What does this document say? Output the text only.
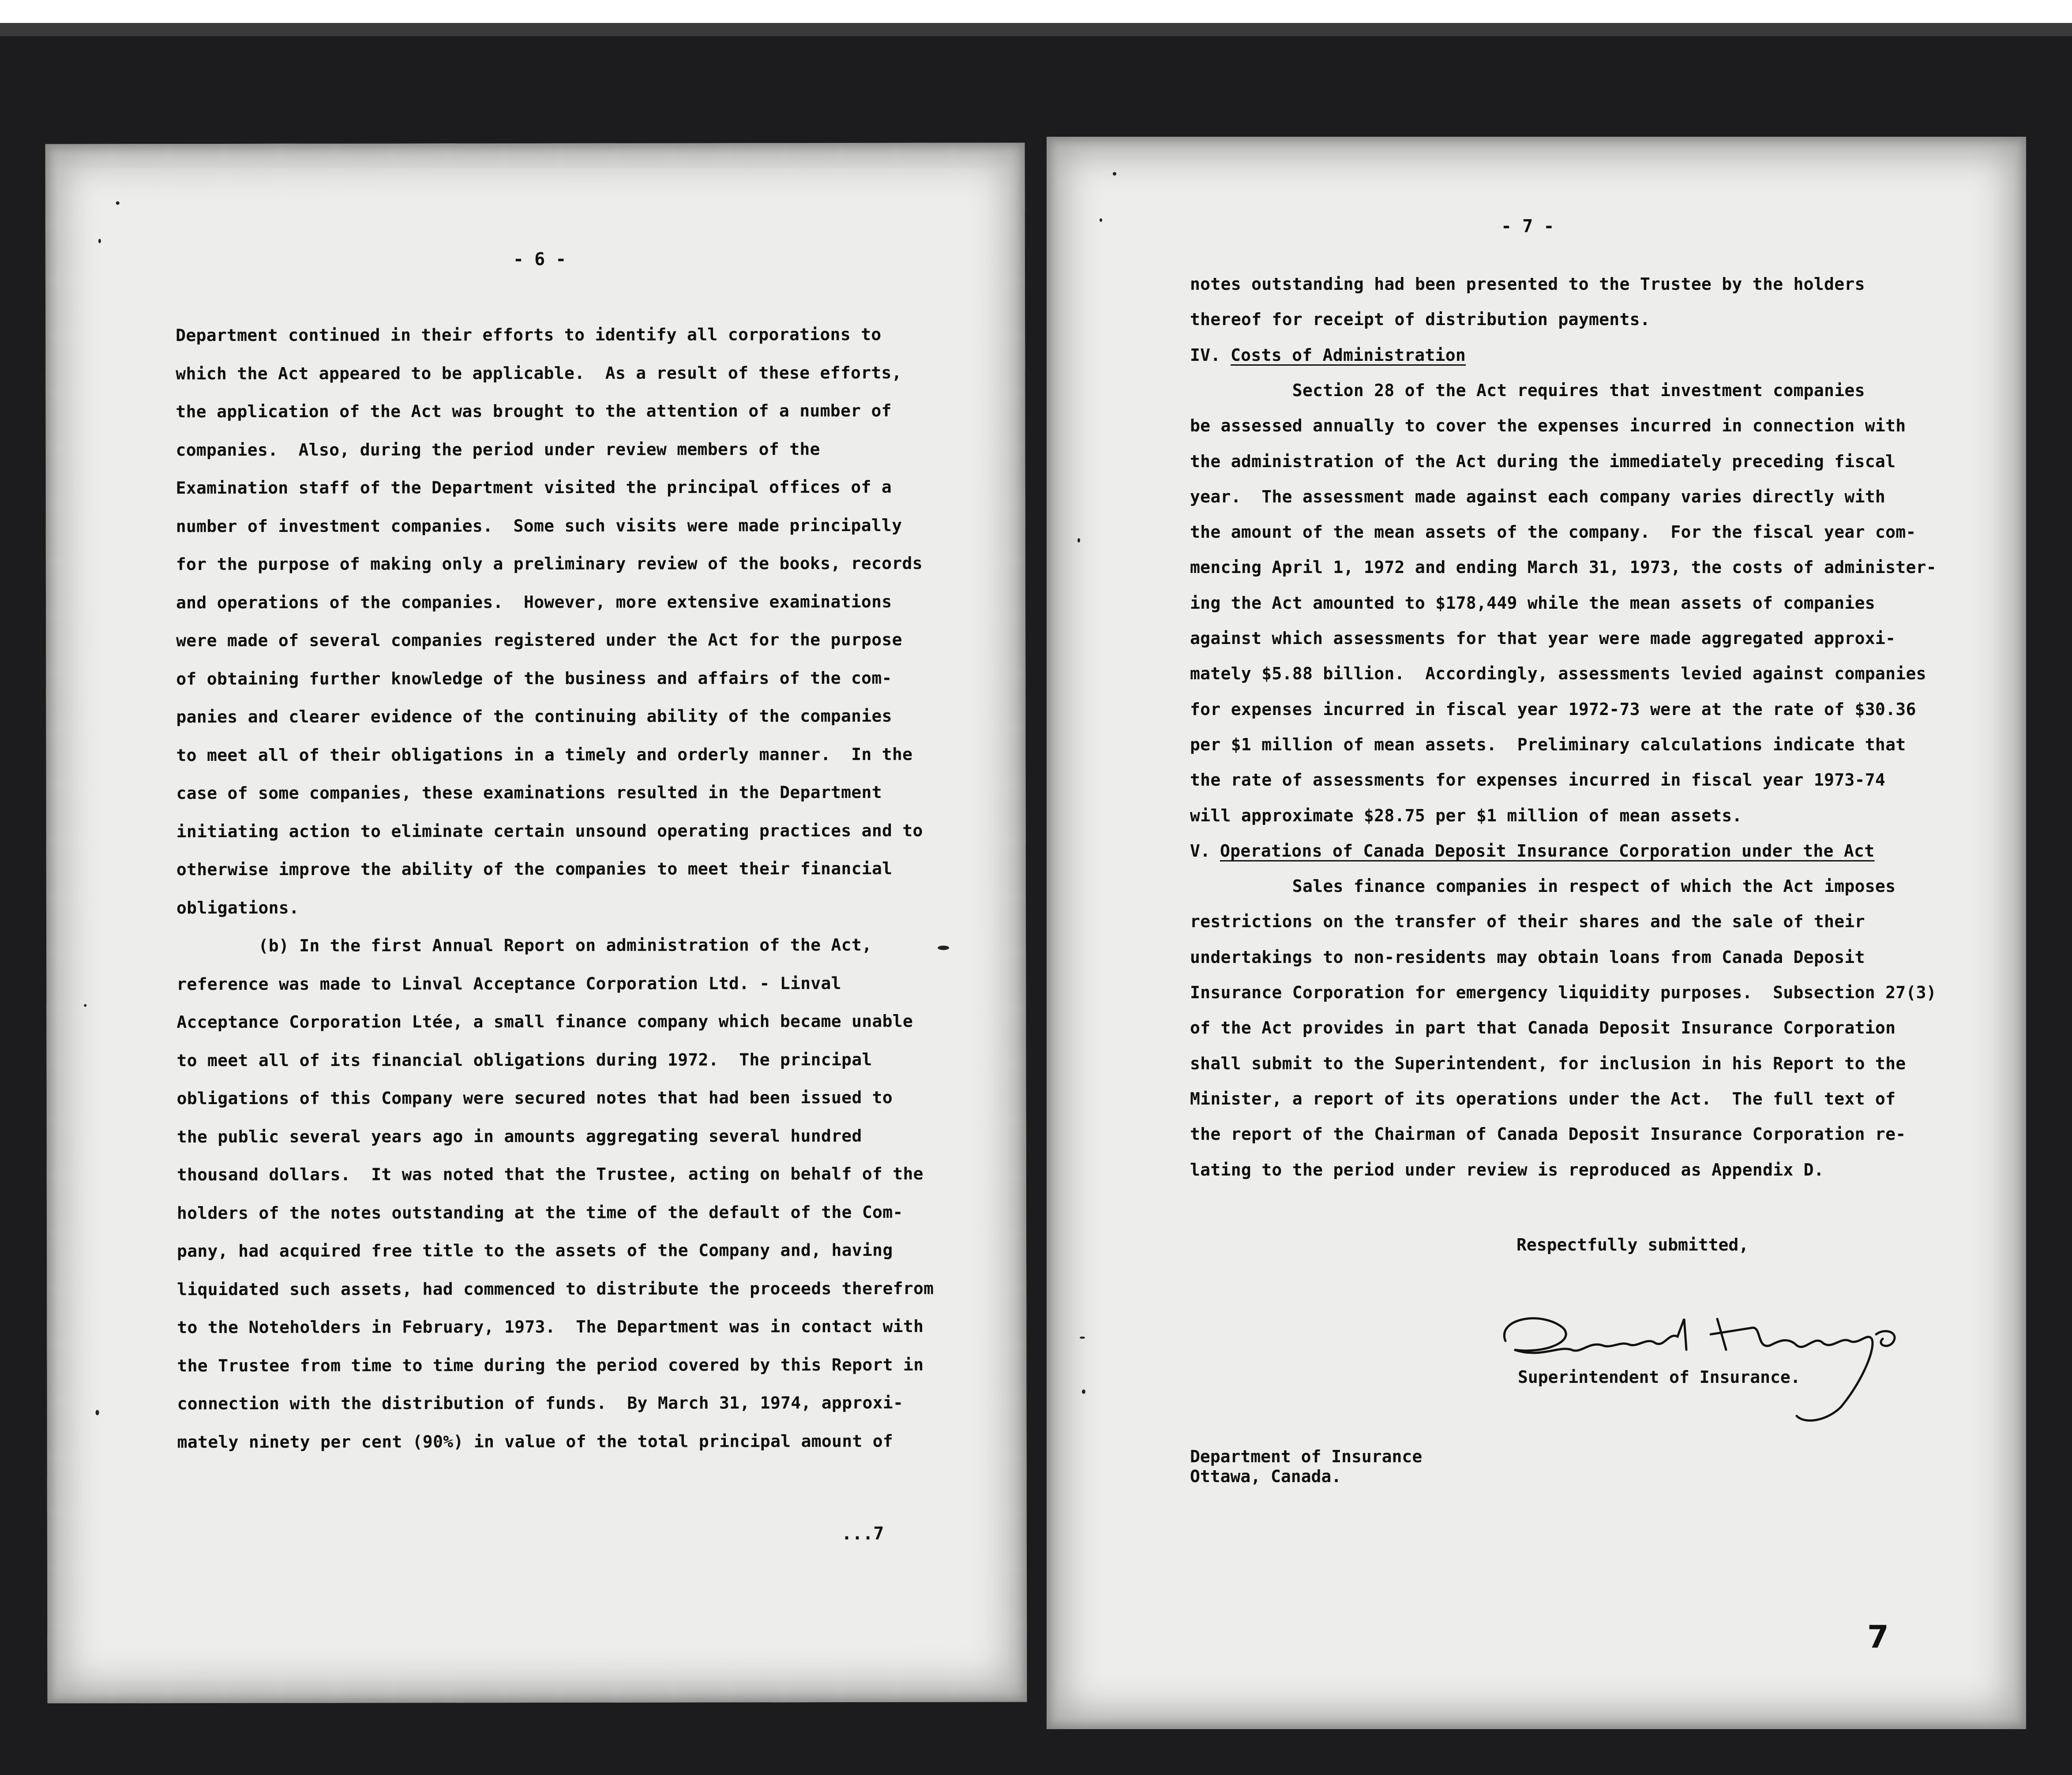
- 6 -
Department continued in their efforts to identify all corporations to
which the Act appeared to be applicable.  As a result of these efforts,
the application of the Act was brought to the attention of a number of
companies.  Also, during the period under review members of the
Examination staff of the Department visited the principal offices of a
number of investment companies.  Some such visits were made principally
for the purpose of making only a preliminary review of the books, records
and operations of the companies.  However, more extensive examinations
were made of several companies registered under the Act for the purpose
of obtaining further knowledge of the business and affairs of the com-
panies and clearer evidence of the continuing ability of the companies
to meet all of their obligations in a timely and orderly manner.  In the
case of some companies, these examinations resulted in the Department
initiating action to eliminate certain unsound operating practices and to
otherwise improve the ability of the companies to meet their financial
obligations.
(b) In the first Annual Report on administration of the Act,
reference was made to Linval Acceptance Corporation Ltd. - Linval
Acceptance Corporation Ltée, a small finance company which became unable
to meet all of its financial obligations during 1972.  The principal
obligations of this Company were secured notes that had been issued to
the public several years ago in amounts aggregating several hundred
thousand dollars.  It was noted that the Trustee, acting on behalf of the
holders of the notes outstanding at the time of the default of the Com-
pany, had acquired free title to the assets of the Company and, having
liquidated such assets, had commenced to distribute the proceeds therefrom
to the Noteholders in February, 1973.  The Department was in contact with
the Trustee from time to time during the period covered by this Report in
connection with the distribution of funds.  By March 31, 1974, approxi-
mately ninety per cent (90%) in value of the total principal amount of
...7
- 7 -
notes outstanding had been presented to the Trustee by the holders
thereof for receipt of distribution payments.
IV. Costs of Administration
Section 28 of the Act requires that investment companies
be assessed annually to cover the expenses incurred in connection with
the administration of the Act during the immediately preceding fiscal
year.  The assessment made against each company varies directly with
the amount of the mean assets of the company.  For the fiscal year com-
mencing April 1, 1972 and ending March 31, 1973, the costs of administer-
ing the Act amounted to $178,449 while the mean assets of companies
against which assessments for that year were made aggregated approxi-
mately $5.88 billion.  Accordingly, assessments levied against companies
for expenses incurred in fiscal year 1972-73 were at the rate of $30.36
per $1 million of mean assets.  Preliminary calculations indicate that
the rate of assessments for expenses incurred in fiscal year 1973-74
will approximate $28.75 per $1 million of mean assets.
V.
Operations of Canada Deposit Insurance Corporation under the Act
Sales finance companies in respect of which the Act imposes
restrictions on the transfer of their shares and the sale of their
undertakings to non-residents may obtain loans from Canada Deposit
Insurance Corporation for emergency liquidity purposes.  Subsection 27(3)
of the Act provides in part that Canada Deposit Insurance Corporation
shall submit to the Superintendent, for inclusion in his Report to the
Minister, a report of its operations under the Act.  The full text of
the report of the Chairman of Canada Deposit Insurance Corporation re-
lating to the period under review is reproduced as Appendix D.
Respectfully submitted,
Superintendent of Insurance.
Department of Insurance
Ottawa, Canada.
7
